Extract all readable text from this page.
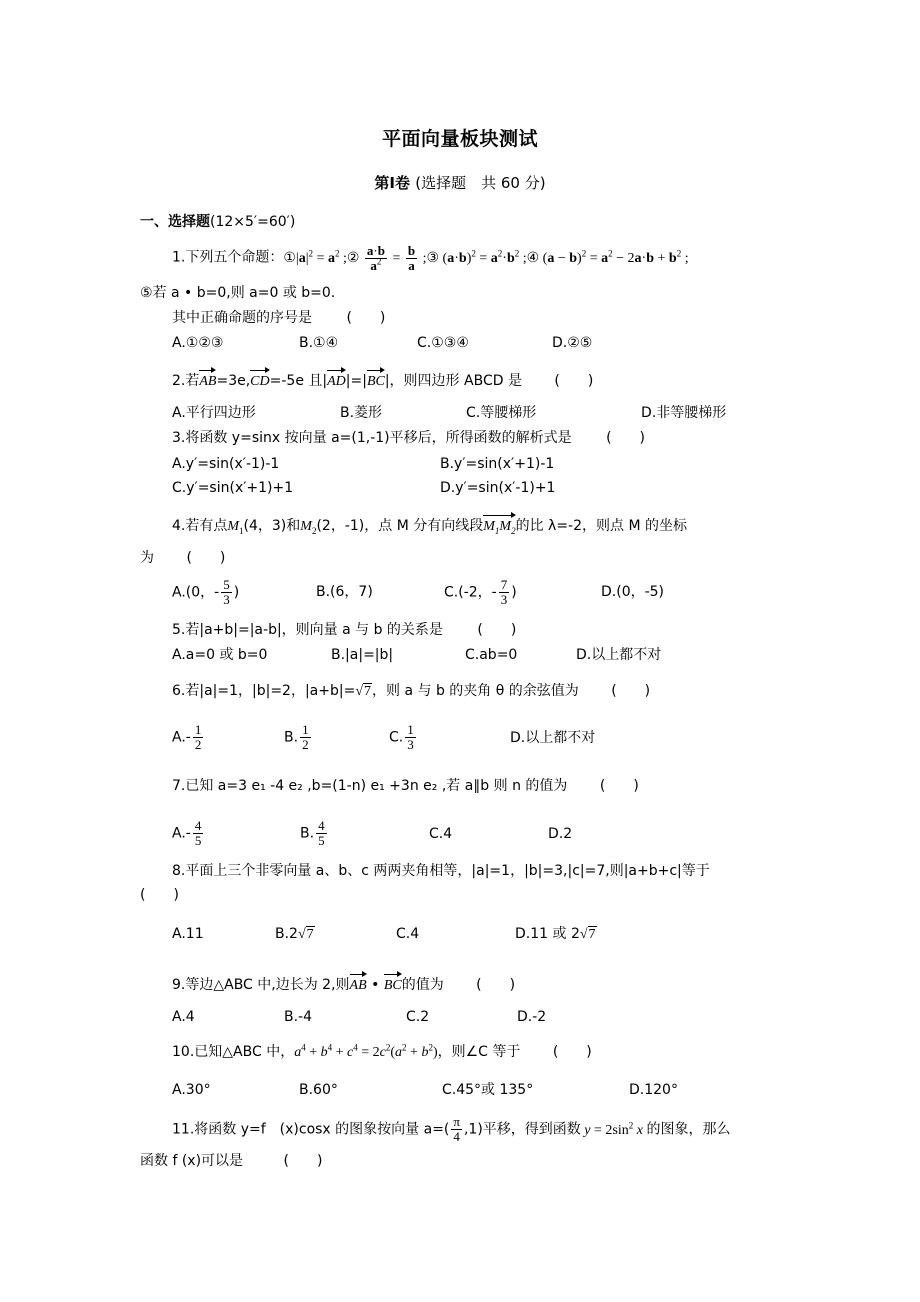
平面向量板块测试
第Ⅰ卷 (选择题　共 60 分)
一、选择题(12×5′=60′)
1.下列五个命题：$①|a|^2 = a^2$ ;② $\frac{a\cdot b}{a^2} = \frac{b}{a}$ ;③ $(a\cdot b)^2 = a^2\cdot b^2$ ;④ $(a - b)^2 = a^2 - 2a\cdot b + b^2$ ;
⑤若 a • b=0,则 a=0 或 b=0.
其中正确命题的序号是 (　　)
A.①②③	B.①④	C.①③④	D.②⑤
2.若AB=3e,CD=-5e 且|AD|=|BC|，则四边形 ABCD 是 (　　)
A.平行四边形	B.菱形	C.等腰梯形	D.非等腰梯形
3.将函数 y=sinx 按向量 a=(1,-1)平移后，所得函数的解析式是 (　　)
A.y′=sin(x′-1)-1	B.y′=sin(x′+1)-1
C.y′=sin(x′+1)+1	D.y′=sin(x′-1)+1
4.若有点$M_1(4$，3)和$M_2(2$，-1)，点 M 分有向线段$M_1M_2$的比 λ=-2，则点 M 的坐标
为 (　　)
A.(0，- $\frac{5}{3}$ )	B.(6，7)	C.(-2，- $\frac{7}{3}$ )	D.(0，-5)
5.若|a+b|=|a-b|，则向量 a 与 b 的关系是 (　　)
A.a=0 或 b=0	B.|a|=|b|	C.ab=0	D.以上都不对
6.若|a|=1，|b|=2，|a+b|=√7，则 a 与 b 的夹角 θ 的余弦值为 (　　)
$A.- \frac{1}{2}$	B. $\frac{1}{2}$	C. $\frac{1}{3}$	D.以上都不对
7.已知 a=3 e₁ -4 e₂ ,b=(1-n) e₁ +3n e₂ ,若 a∥b 则 n 的值为 (　　)
$A.- \frac{4}{5}$	B. $\frac{4}{5}$	C.4	D.2
8.平面上三个非零向量 a、b、c 两两夹角相等，|a|=1，|b|=3,|c|=7,则|a+b+c|等于
(　　)
A.11	B.2√7	C.4	D.11 或 2√7
9.等边△ABC 中,边长为 2,则AB • BC的值为 (　　)
A.4	B.-4	C.2	D.-2
10.已知△ABC 中，$a^4 + b^4 + c^4 = 2c^2(a^2 + b^2)$，则∠C 等于 (　　)
A.30°	B.60°	C.45°或 135°	D.120°
11.将函数 y=f　(x)cosx 的图象按向量 $a=( \frac{\pi}{4} ,1)$平移，得到函数 $y = 2\sin^2$ x 的图象，那么
函数 f (x)可以是	(　　)
